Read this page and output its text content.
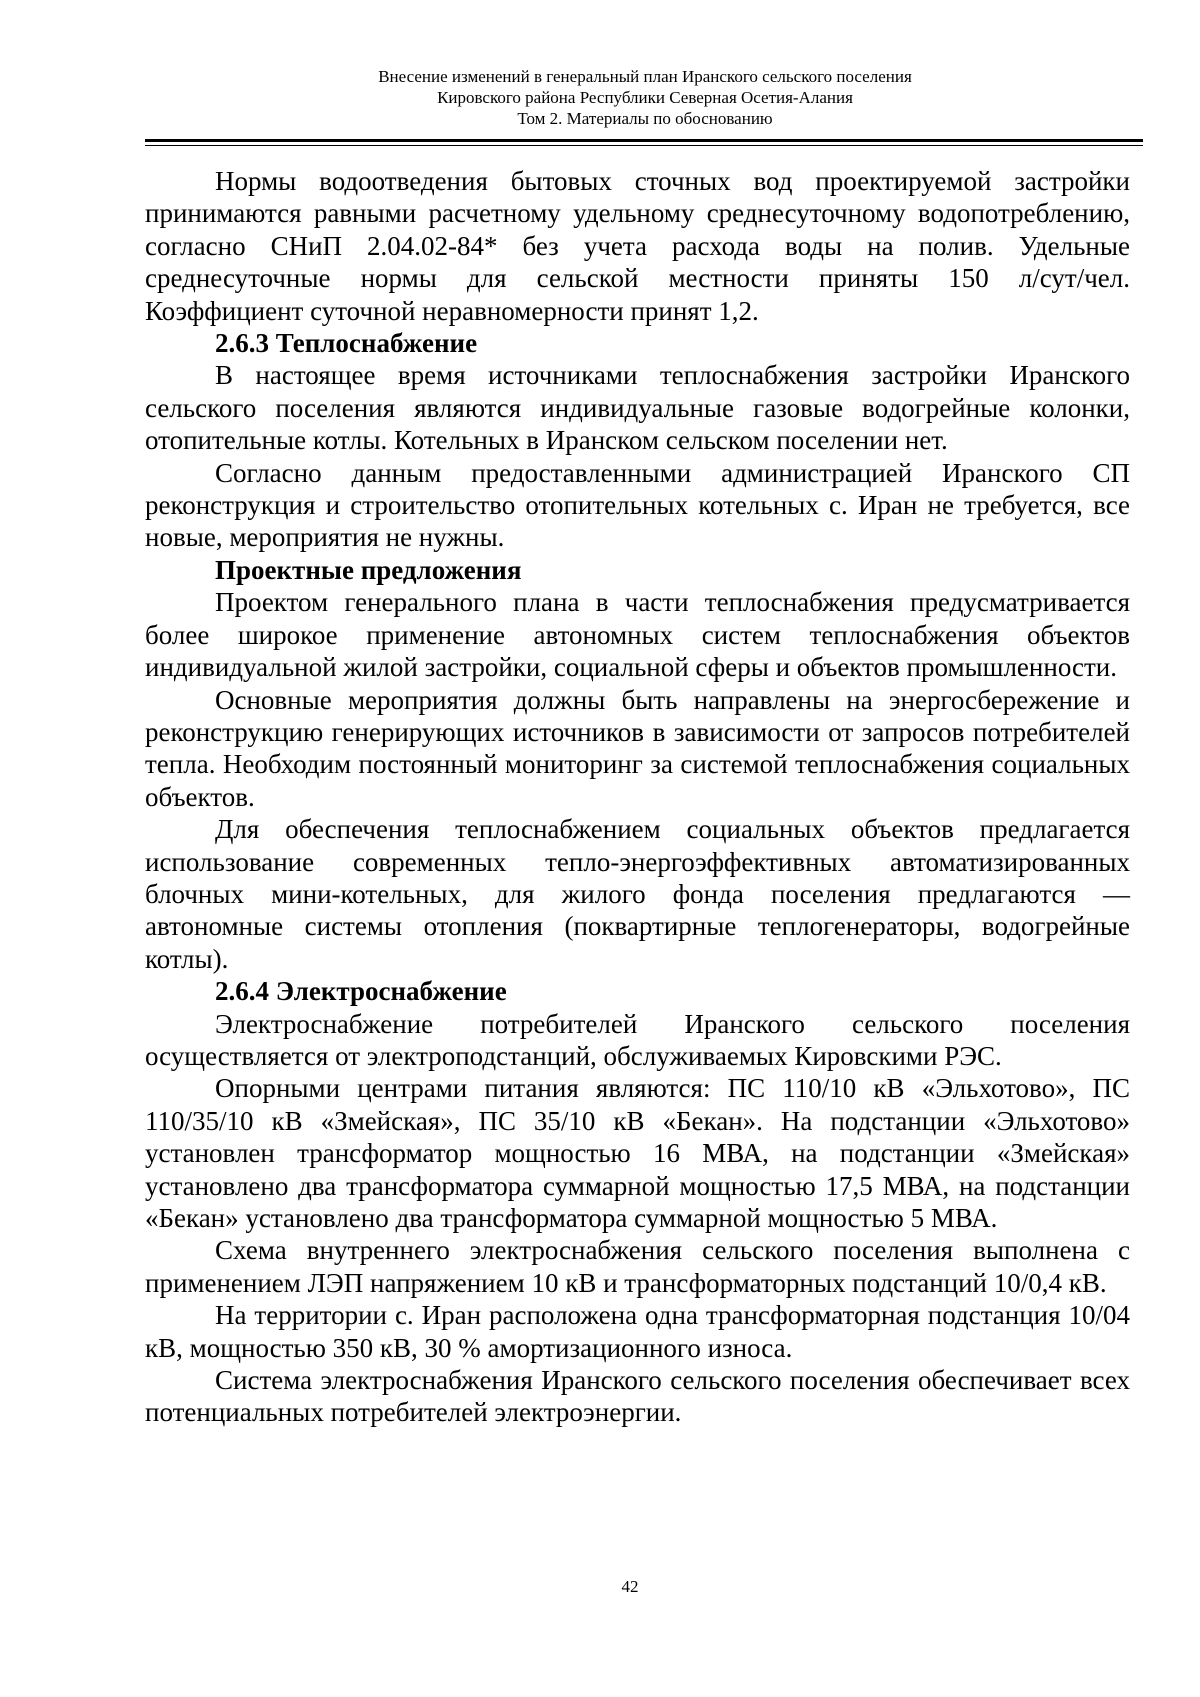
Внесение изменений в генеральный план Иранского сельского поселения
Кировского района Республики Северная Осетия-Алания
Том 2. Материалы по обоснованию

Нормы водоотведения бытовых сточных вод проектируемой застройки принимаются равными расчетному удельному среднесуточному водопотреблению, согласно СНиП 2.04.02-84* без учета расхода воды на полив. Удельные среднесуточные нормы для сельской местности приняты 150 л/сут/чел. Коэффициент суточной неравномерности принят 1,2.

2.6.3 Теплоснабжение

В настоящее время источниками теплоснабжения застройки Иранского сельского поселения являются индивидуальные газовые водогрейные колонки, отопительные котлы. Котельных в Иранском сельском поселении нет.

Согласно данным предоставленными администрацией Иранского СП реконструкция и строительство отопительных котельных с. Иран не требуется, все новые, мероприятия не нужны.

Проектные предложения

Проектом генерального плана в части теплоснабжения предусматривается более широкое применение автономных систем теплоснабжения объектов индивидуальной жилой застройки, социальной сферы и объектов промышленности.

Основные мероприятия должны быть направлены на энергосбережение и реконструкцию генерирующих источников в зависимости от запросов потребителей тепла. Необходим постоянный мониторинг за системой теплоснабжения социальных объектов.

Для обеспечения теплоснабжением социальных объектов предлагается использование современных тепло-энергоэффективных автоматизированных блочных мини-котельных, для жилого фонда поселения предлагаются — автономные системы отопления (поквартирные теплогенераторы, водогрейные котлы).

2.6.4 Электроснабжение

Электроснабжение потребителей Иранского сельского поселения осуществляется от электроподстанций, обслуживаемых Кировскими РЭС.

Опорными центрами питания являются: ПС 110/10 кВ «Эльхотово», ПС 110/35/10 кВ «Змейская», ПС 35/10 кВ «Бекан». На подстанции «Эльхотово» установлен трансформатор мощностью 16 МВА, на подстанции «Змейская» установлено два трансформатора суммарной мощностью 17,5 МВА, на подстанции «Бекан» установлено два трансформатора суммарной мощностью 5 МВА.

Схема внутреннего электроснабжения сельского поселения выполнена с применением ЛЭП напряжением 10 кВ и трансформаторных подстанций 10/0,4 кВ.

На территории с. Иран расположена одна трансформаторная подстанция 10/04 кВ, мощностью 350 кВ, 30 % амортизационного износа.

Система электроснабжения Иранского сельского поселения обеспечивает всех потенциальных потребителей электроэнергии.

42
